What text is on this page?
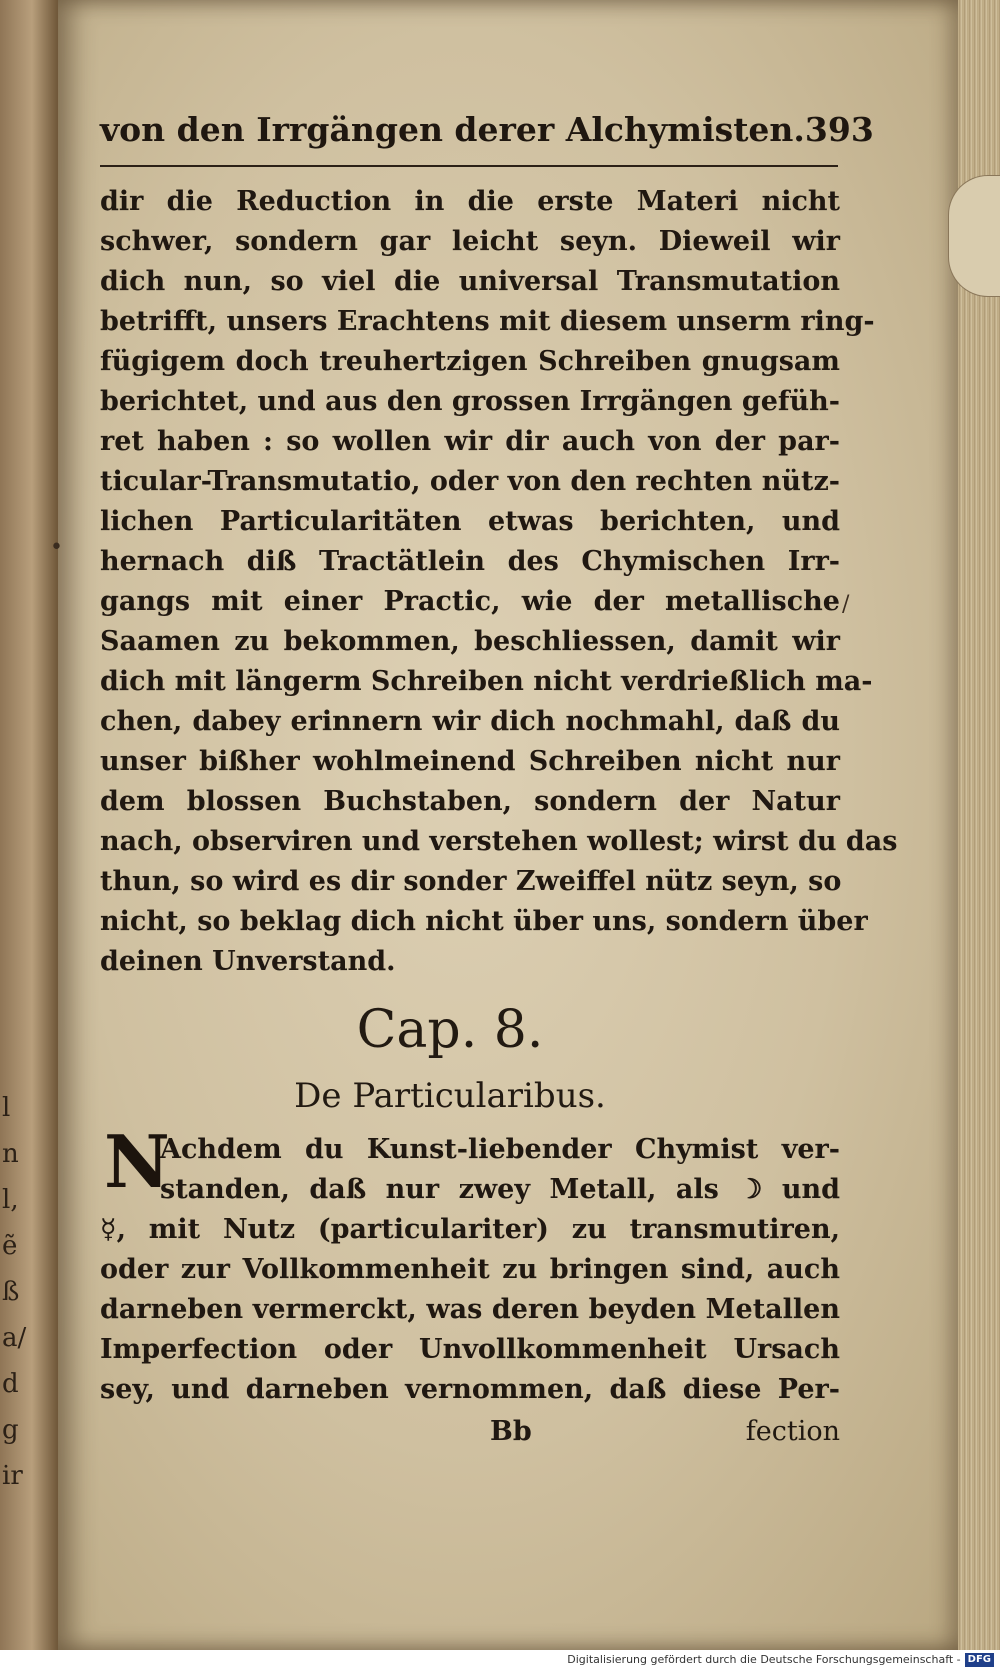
l
n
l,
ẽ
ß
a/
d
g
ir
von den Irrgängen derer Alchymisten. 393
dir die Reduction in die erste Materi nicht
schwer, sondern gar leicht seyn. Dieweil wir
dich nun, so viel die universal Transmutation
betrifft, unsers Erachtens mit diesem unserm ring-
fügigem doch treuhertzigen Schreiben gnugsam
berichtet, und aus den grossen Irrgängen gefüh-
ret haben : so wollen wir dir auch von der par-
ticular-Transmutatio, oder von den rechten nütz-
lichen Particularitäten etwas berichten, und
hernach diß Tractätlein des Chymischen Irr-
gangs mit einer Practic, wie der metallische
Saamen zu bekommen, beschliessen, damit wir
dich mit längerm Schreiben nicht verdrießlich ma-
chen, dabey erinnern wir dich nochmahl, daß du
unser bißher wohlmeinend Schreiben nicht nur
dem blossen Buchstaben, sondern der Natur
nach, observiren und verstehen wollest; wirst du das
thun, so wird es dir sonder Zweiffel nütz seyn, so
nicht, so beklag dich nicht über uns, sondern über
deinen Unverstand.
•
/
Cap. 8.
De Particularibus.
N
Achdem du Kunst-liebender Chymist ver-
standen, daß nur zwey Metall, als ☽ und
☿, mit Nutz (particulariter) zu transmutiren,
oder zur Vollkommenheit zu bringen sind, auch
darneben vermerckt, was deren beyden Metallen
Imperfection oder Unvollkommenheit Ursach
sey, und darneben vernommen, daß diese Per-
Bb	fection
Digitalisierung gefördert durch die Deutsche Forschungsgemeinschaft - DFG
